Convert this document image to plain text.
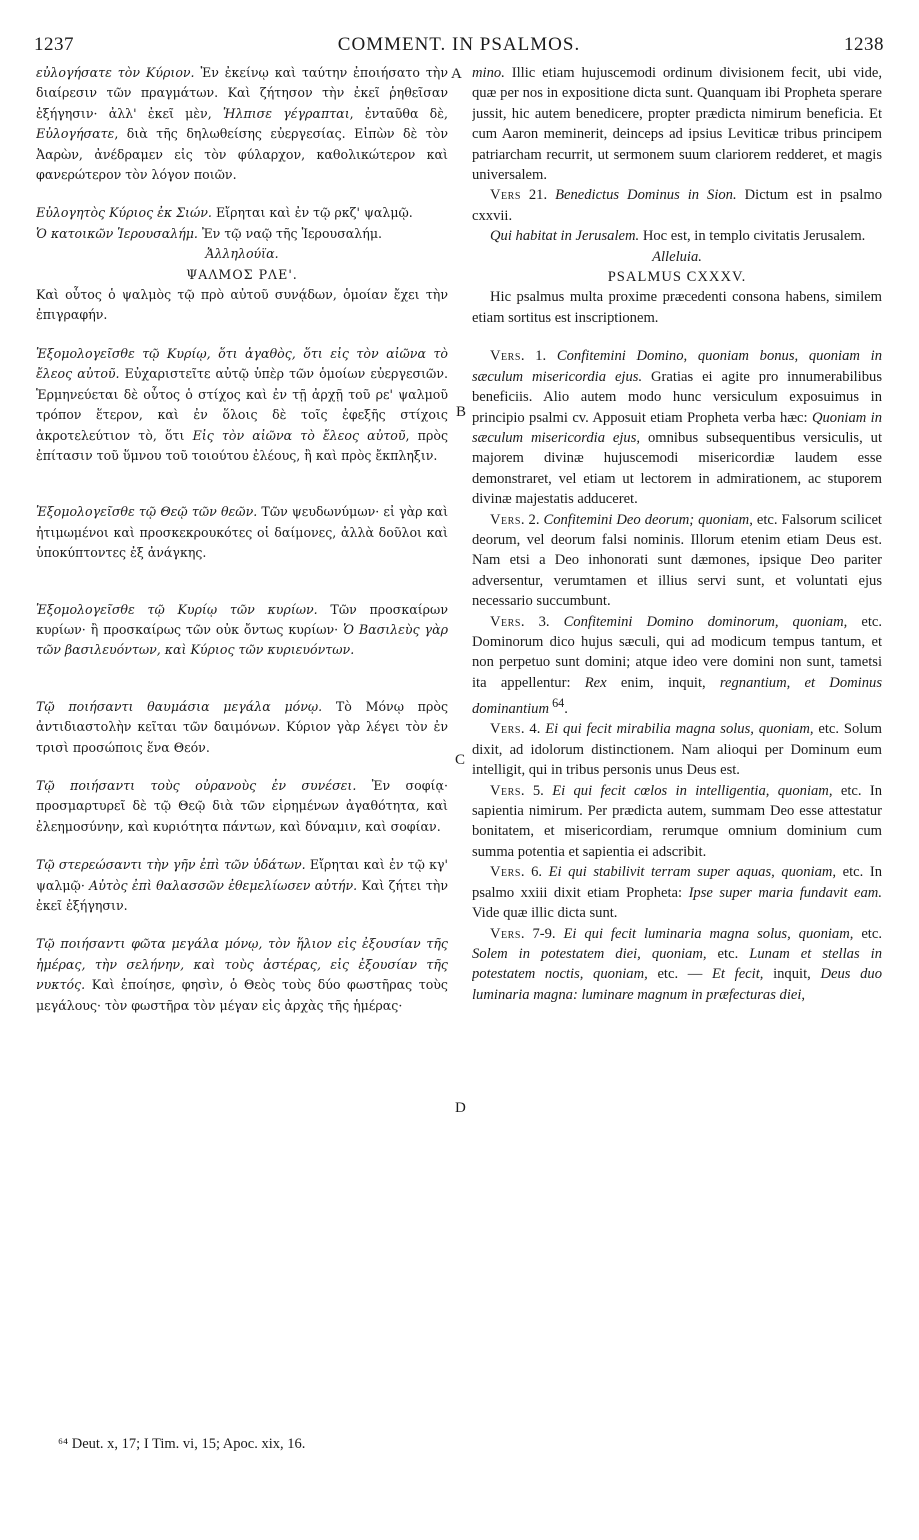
1237	COMMENT. IN PSALMOS.	1238

εὐλογήσατε τὸν Κύριον. Ἐν ἐκείνῳ καὶ ταύτην ἐποιήσατο τὴν διαίρεσιν τῶν πραγμάτων. Καὶ ζήτησον τὴν ἐκεῖ ῥηθεῖσαν ἐξήγησιν· ἀλλ' ἐκεῖ μὲν, Ἠλπισε γέγραπται, ἐνταῦθα δὲ, Εὐλογήσατε, διὰ τῆς δηλωθείσης εὐεργεσίας. Εἰπὼν δὲ τὸν Ἀαρὼν, ἀνέδραμεν εἰς τὸν φύλαρχον, καθολικώτερον καὶ φανερώτερον τὸν λόγον ποιῶν.

Εὐλογητὸς Κύριος ἐκ Σιών. Εἴρηται καὶ ἐν τῷ ρκζ' ψαλμῷ.

Ὁ κατοικῶν Ἱερουσαλήμ. Ἐν τῷ ναῷ τῆς Ἱερουσαλήμ.

Ἀλληλούϊα.

ΨΑΛΜΟΣ ΡΛΕ'.

Καὶ οὗτος ὁ ψαλμὸς τῷ πρὸ αὐτοῦ συνᾴδων, ὁμοίαν ἔχει τὴν ἐπιγραφήν.

Ἐξομολογεῖσθε τῷ Κυρίῳ, ὅτι ἀγαθὸς, ὅτι εἰς τὸν αἰῶνα τὸ ἔλεος αὐτοῦ. Εὐχαριστεῖτε αὐτῷ ὑπὲρ τῶν ὁμοίων εὐεργεσιῶν. Ἑρμηνεύεται δὲ οὗτος ὁ στίχος καὶ ἐν τῇ ἀρχῇ τοῦ ρε' ψαλμοῦ τρόπον ἕτερον, καὶ ἐν ὅλοις δὲ τοῖς ἐφεξῆς στίχοις ἀκροτελεύτιον τὸ, ὅτι Εἰς τὸν αἰῶνα τὸ ἔλεος αὐτοῦ, πρὸς ἐπίτασιν τοῦ ὕμνου τοῦ τοιούτου ἐλέους, ἢ καὶ πρὸς ἔκπληξιν.

Ἐξομολογεῖσθε τῷ Θεῷ τῶν θεῶν. Τῶν ψευδωνύμων· εἰ γὰρ καὶ ἠτιμωμένοι καὶ προσκεκρουκότες οἱ δαίμονες, ἀλλὰ δοῦλοι καὶ ὑποκύπτοντες ἐξ ἀνάγκης.

Ἐξομολογεῖσθε τῷ Κυρίῳ τῶν κυρίων. Τῶν προσκαίρων κυρίων· ἢ προσκαίρως τῶν οὐκ ὄντως κυρίων· Ὁ Βασιλεὺς γὰρ τῶν βασιλευόντων, καὶ Κύριος τῶν κυριευόντων.

Τῷ ποιήσαντι θαυμάσια μεγάλα μόνῳ. Τὸ Μόνῳ πρὸς ἀντιδιαστολὴν κεῖται τῶν δαιμόνων. Κύριον γὰρ λέγει τὸν ἐν τρισὶ προσώποις ἕνα Θεόν.

Τῷ ποιήσαντι τοὺς οὐρανοὺς ἐν συνέσει. Ἐν σοφίᾳ· προσμαρτυρεῖ δὲ τῷ Θεῷ διὰ τῶν εἰρημένων ἀγαθότητα, καὶ ἐλεημοσύνην, καὶ κυριότητα πάντων, καὶ δύναμιν, καὶ σοφίαν.

Τῷ στερεώσαντι τὴν γῆν ἐπὶ τῶν ὑδάτων. Εἴρηται καὶ ἐν τῷ κγ' ψαλμῷ· Αὐτὸς ἐπὶ θαλασσῶν ἐθεμελίωσεν αὐτήν. Καὶ ζήτει τὴν ἐκεῖ ἐξήγησιν.

Τῷ ποιήσαντι φῶτα μεγάλα μόνῳ, τὸν ἥλιον εἰς ἐξουσίαν τῆς ἡμέρας, τὴν σελήνην, καὶ τοὺς ἀστέρας, εἰς ἐξουσίαν τῆς νυκτός. Καὶ ἐποίησε, φησὶν, ὁ Θεὸς τοὺς δύο φωστῆρας τοὺς μεγάλους· τὸν φωστῆρα τὸν μέγαν εἰς ἀρχὰς τῆς ἡμέρας·

A
B
C
D

mino. Illic etiam hujuscemodi ordinum divisionem fecit, ubi vide, quæ per nos in expositione dicta sunt. Quanquam ibi Propheta sperare jussit, hic autem benedicere, propter prædicta nimirum beneficia. Et cum Aaron meminerit, deinceps ad ipsius Leviticæ tribus principem patriarcham recurrit, ut sermonem suum clariorem redderet, et magis universalem.

Vers 21. Benedictus Dominus in Sion. Dictum est in psalmo cxxvii.

Qui habitat in Jerusalem. Hoc est, in templo civitatis Jerusalem.

Alleluia.

PSALMUS CXXXV.

Hic psalmus multa proxime præcedenti consona habens, similem etiam sortitus est inscriptionem.

Vers. 1. Confitemini Domino, quoniam bonus, quoniam in sæculum misericordia ejus. Gratias ei agite pro innumerabilibus beneficiis. Alio autem modo hunc versiculum exposuimus in principio psalmi cv. Apposuit etiam Propheta verba hæc: Quoniam in sæculum misericordia ejus, omnibus subsequentibus versiculis, ut majorem divinæ hujuscemodi misericordiæ laudem esse demonstraret, vel etiam ut lectorem in admirationem, ac stuporem divinæ majestatis adduceret.

Vers. 2. Confitemini Deo deorum; quoniam, etc. Falsorum scilicet deorum, vel deorum falsi nominis. Illorum etenim etiam Deus est. Nam etsi a Deo inhonorati sunt dæmones, ipsique Deo pariter adversentur, verumtamen et illius servi sunt, et voluntati ejus necessario succumbunt.

Vers. 3. Confitemini Domino dominorum, quoniam, etc. Dominorum dico hujus sæculi, qui ad modicum tempus tantum, et non perpetuo sunt domini; atque ideo vere domini non sunt, tametsi ita appellentur: Rex enim, inquit, regnantium, et Dominus dominantium $^{64}$.

Vers. 4. Ei qui fecit mirabilia magna solus, quoniam, etc. Solum dixit, ad idolorum distinctionem. Nam alioqui per Dominum eum intelligit, qui in tribus personis unus Deus est.

Vers. 5. Ei qui fecit cœlos in intelligentia, quoniam, etc. In sapientia nimirum. Per prædicta autem, summam Deo esse attestatur bonitatem, et misericordiam, rerumque omnium dominium cum summa potentia et sapientia ei adscribit.

Vers. 6. Ei qui stabilivit terram super aquas, quoniam, etc. In psalmo xxiii dixit etiam Propheta: Ipse super maria fundavit eam. Vide quæ illic dicta sunt.

Vers. 7-9. Ei qui fecit luminaria magna solus, quoniam, etc. Solem in potestatem diei, quoniam, etc. Lunam et stellas in potestatem noctis, quoniam, etc. — Et fecit, inquit, Deus duo luminaria magna: luminare magnum in præfecturas diei,

⁶⁴ Deut. x, 17; I Tim. vi, 15; Apoc. xix, 16.
